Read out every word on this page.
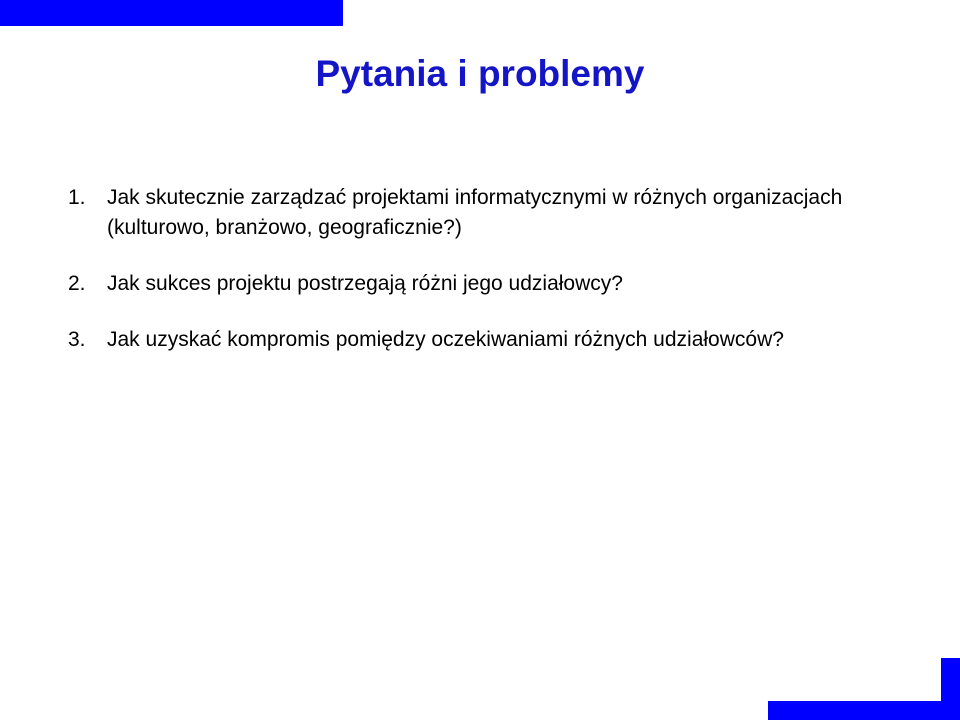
Pytania i problemy
1. Jak skutecznie zarządzać projektami informatycznymi w różnych organizacjach (kulturowo, branżowo, geograficznie?)
2. Jak sukces projektu postrzegają różni jego udziałowcy?
3. Jak uzyskać kompromis pomiędzy oczekiwaniami różnych udziałowców?
